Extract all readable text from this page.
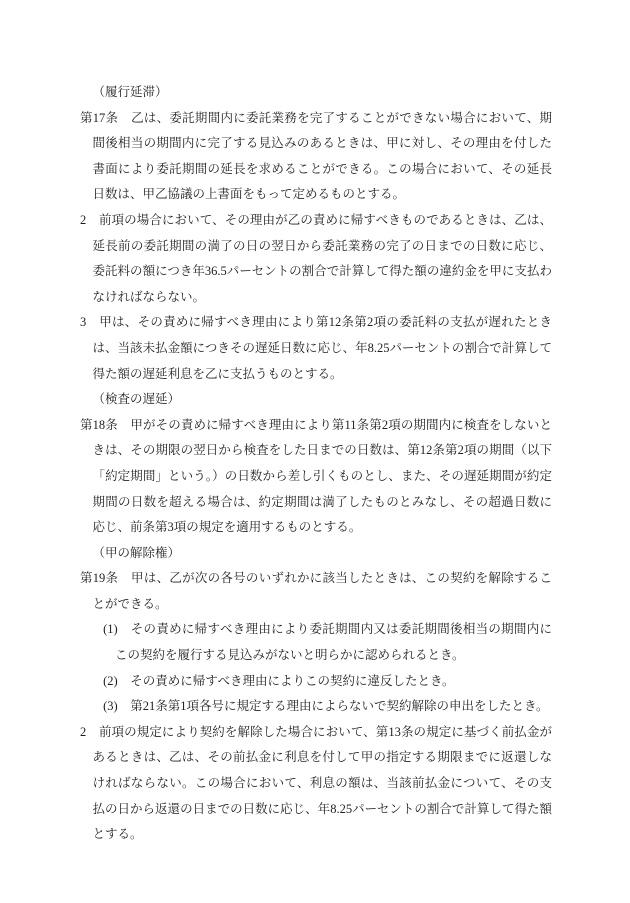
（履行延滞）

第17条　乙は、委託期間内に委託業務を完了することができない場合において、期間後相当の期間内に完了する見込みのあるときは、甲に対し、その理由を付した書面により委託期間の延長を求めることができる。この場合において、その延長日数は、甲乙協議の上書面をもって定めるものとする。

2　前項の場合において、その理由が乙の責めに帰すべきものであるときは、乙は、延長前の委託期間の満了の日の翌日から委託業務の完了の日までの日数に応じ、委託料の額につき年36.5パーセントの割合で計算して得た額の違約金を甲に支払わなければならない。

3　甲は、その責めに帰すべき理由により第12条第2項の委託料の支払が遅れたときは、当該未払金額につきその遅延日数に応じ、年8.25パーセントの割合で計算して得た額の遅延利息を乙に支払うものとする。

（検査の遅延）

第18条　甲がその責めに帰すべき理由により第11条第2項の期間内に検査をしないときは、その期限の翌日から検査をした日までの日数は、第12条第2項の期間（以下「約定期間」という。）の日数から差し引くものとし、また、その遅延期間が約定期間の日数を超える場合は、約定期間は満了したものとみなし、その超過日数に応じ、前条第3項の規定を適用するものとする。

（甲の解除権）

第19条　甲は、乙が次の各号のいずれかに該当したときは、この契約を解除することができる。

(1)　その責めに帰すべき理由により委託期間内又は委託期間後相当の期間内にこの契約を履行する見込みがないと明らかに認められるとき。

(2)　その責めに帰すべき理由によりこの契約に違反したとき。

(3)　第21条第1項各号に規定する理由によらないで契約解除の申出をしたとき。

2　前項の規定により契約を解除した場合において、第13条の規定に基づく前払金があるときは、乙は、その前払金に利息を付して甲の指定する期限までに返還しなければならない。この場合において、利息の額は、当該前払金について、その支払の日から返還の日までの日数に応じ、年8.25パーセントの割合で計算して得た額とする。
